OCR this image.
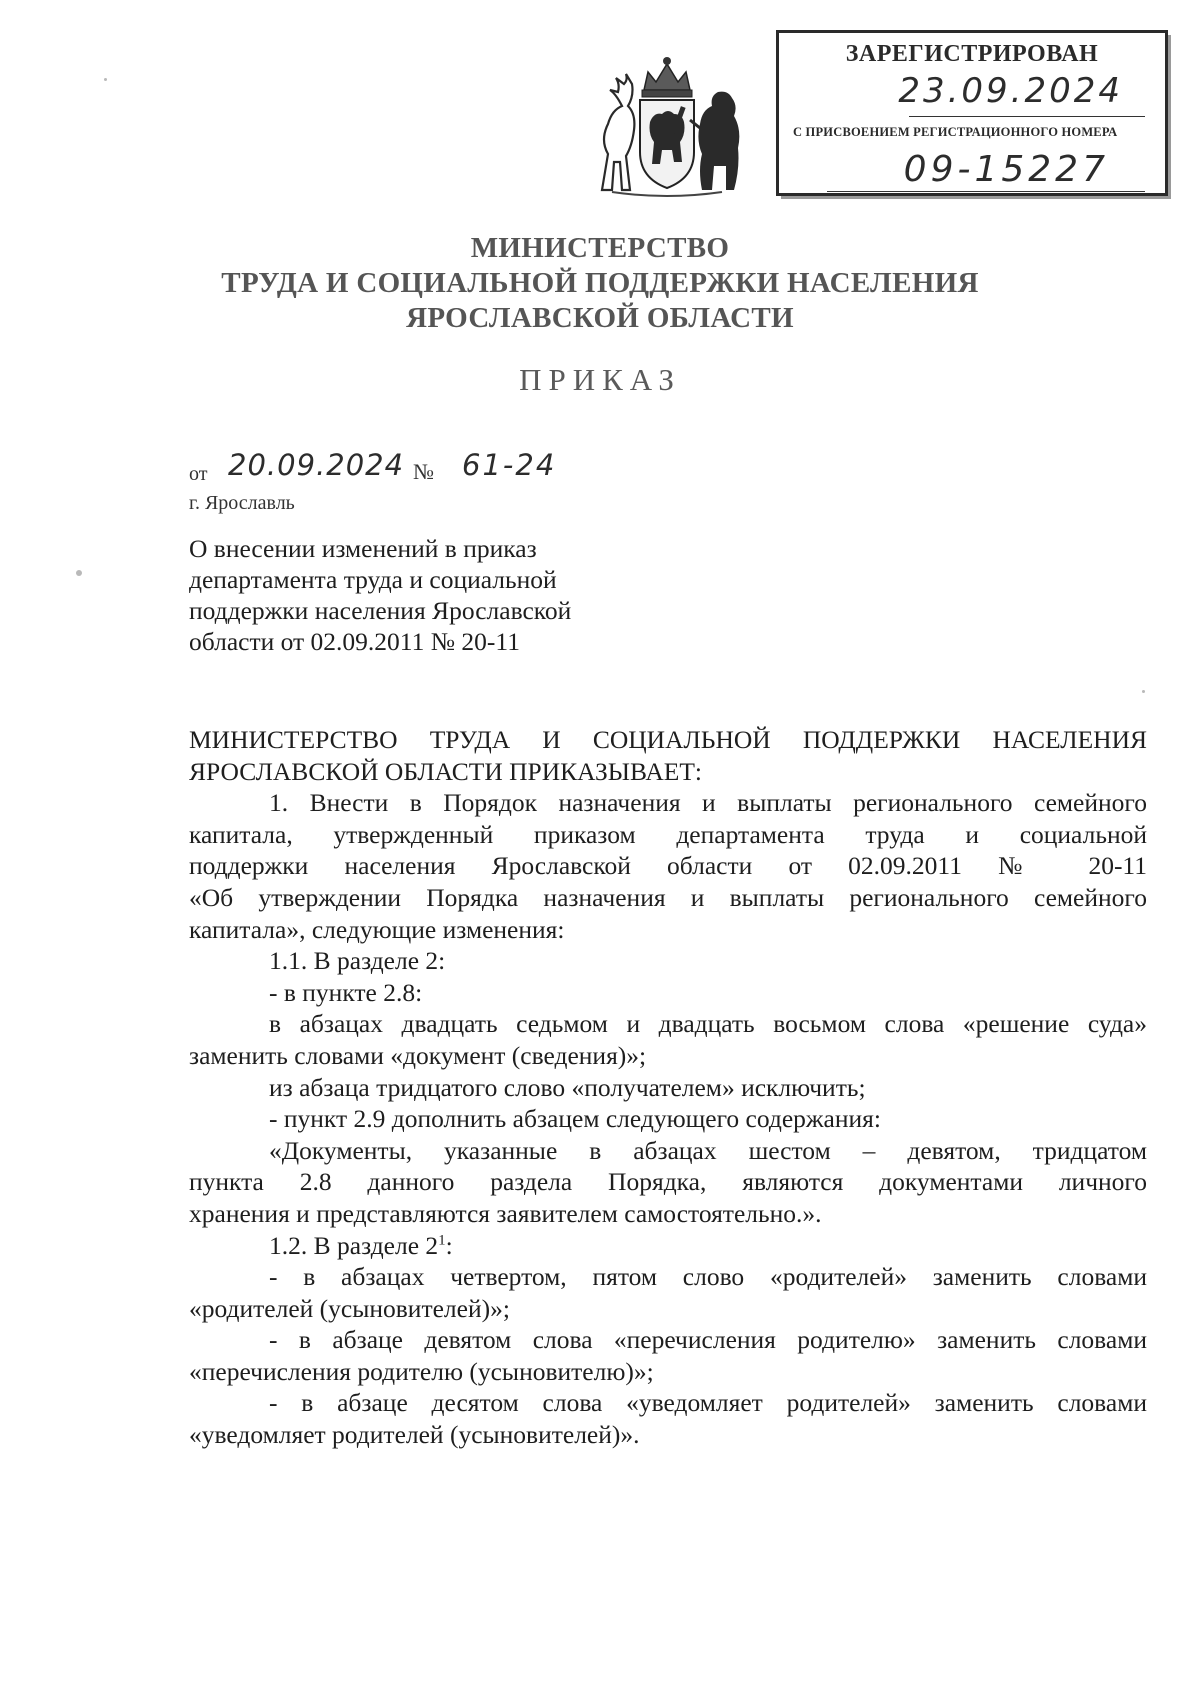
ЗАРЕГИСТРИРОВАН
23.09.2024
С ПРИСВОЕНИЕМ РЕГИСТРАЦИОННОГО НОМЕРА
09-15227
МИНИСТЕРСТВО
ТРУДА И СОЦИАЛЬНОЙ ПОДДЕРЖКИ НАСЕЛЕНИЯ
ЯРОСЛАВСКОЙ ОБЛАСТИ
ПРИКАЗ
от 20.09.2024 № 61-24
г. Ярославль
О внесении изменений в приказ
департамента труда и социальной
поддержки населения Ярославской
области от 02.09.2011 № 20-11
МИНИСТЕРСТВО ТРУДА И СОЦИАЛЬНОЙ ПОДДЕРЖКИ НАСЕЛЕНИЯ
ЯРОСЛАВСКОЙ ОБЛАСТИ ПРИКАЗЫВАЕТ:
1. Внести в Порядок назначения и выплаты регионального семейного
капитала, утвержденный приказом департамента труда и социальной
поддержки населения Ярославской области от 02.09.2011 № 20-11
«Об утверждении Порядка назначения и выплаты регионального семейного
капитала», следующие изменения:
1.1. В разделе 2:
- в пункте 2.8:
в абзацах двадцать седьмом и двадцать восьмом слова «решение суда»
заменить словами «документ (сведения)»;
из абзаца тридцатого слово «получателем» исключить;
- пункт 2.9 дополнить абзацем следующего содержания:
«Документы, указанные в абзацах шестом – девятом, тридцатом
пункта 2.8 данного раздела Порядка, являются документами личного
хранения и представляются заявителем самостоятельно.».
1.2. В разделе $2^1$:
- в абзацах четвертом, пятом слово «родителей» заменить словами
«родителей (усыновителей)»;
- в абзаце девятом слова «перечисления родителю» заменить словами
«перечисления родителю (усыновителю)»;
- в абзаце десятом слова «уведомляет родителей» заменить словами
«уведомляет родителей (усыновителей)».
